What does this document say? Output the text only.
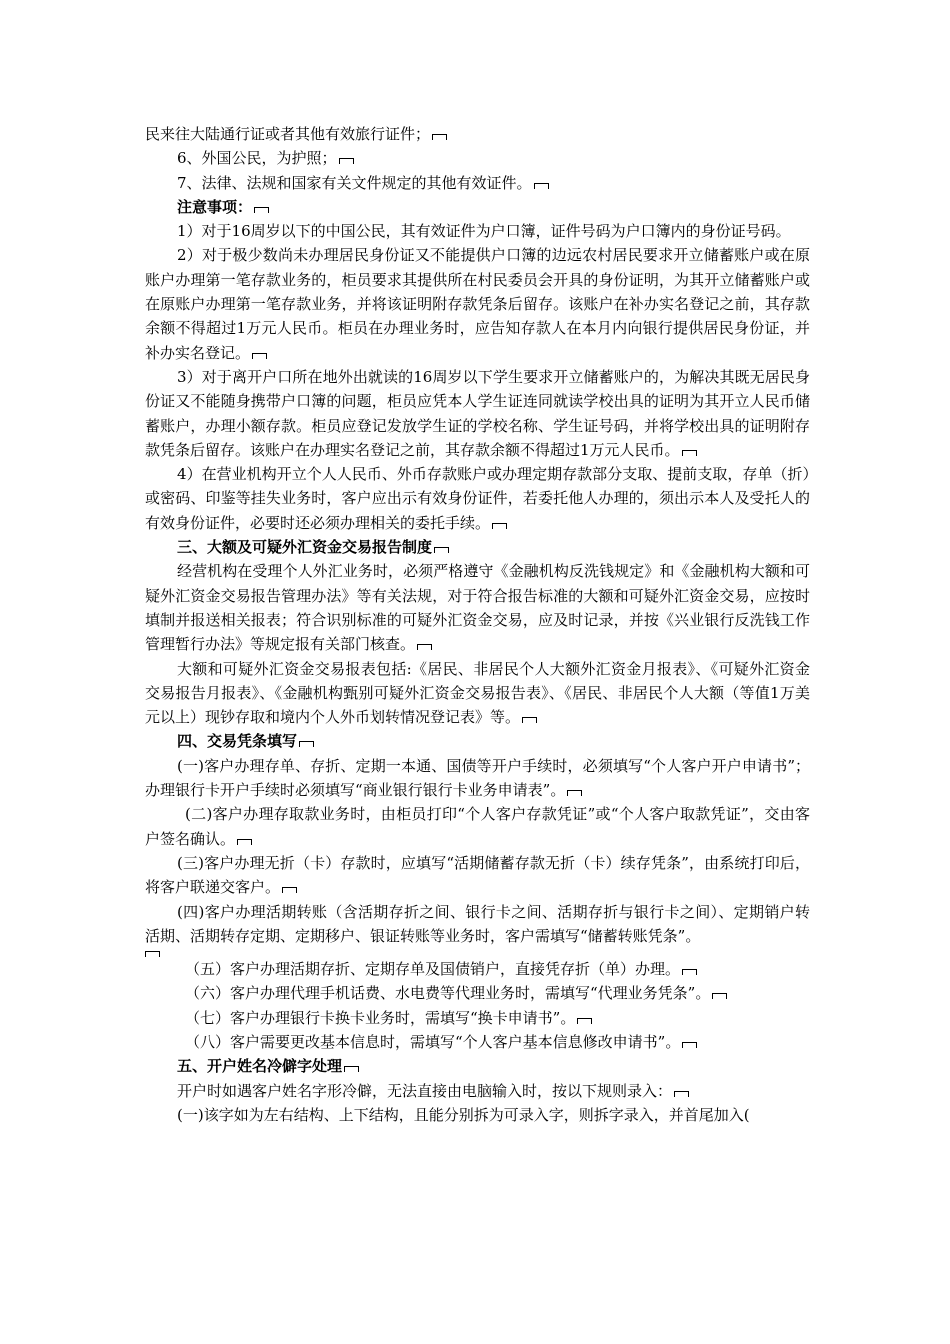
民来往大陆通行证或者其他有效旅行证件；

6、外国公民，为护照；

7、法律、法规和国家有关文件规定的其他有效证件。

注意事项：

1）对于16周岁以下的中国公民，其有效证件为户口簿，证件号码为户口簿内的身份证号码。

2）对于极少数尚未办理居民身份证又不能提供户口簿的边远农村居民要求开立储蓄账户或在原账户办理第一笔存款业务的，柜员要求其提供所在村民委员会开具的身份证明，为其开立储蓄账户或在原账户办理第一笔存款业务，并将该证明附存款凭条后留存。该账户在补办实名登记之前，其存款余额不得超过1万元人民币。柜员在办理业务时，应告知存款人在本月内向银行提供居民身份证，并补办实名登记。

3）对于离开户口所在地外出就读的16周岁以下学生要求开立储蓄账户的，为解决其既无居民身份证又不能随身携带户口簿的问题，柜员应凭本人学生证连同就读学校出具的证明为其开立人民币储蓄账户，办理小额存款。柜员应登记发放学生证的学校名称、学生证号码，并将学校出具的证明附存款凭条后留存。该账户在办理实名登记之前，其存款余额不得超过1万元人民币。

4）在营业机构开立个人人民币、外币存款账户或办理定期存款部分支取、提前支取，存单（折）或密码、印鉴等挂失业务时，客户应出示有效身份证件，若委托他人办理的，须出示本人及受托人的有效身份证件，必要时还必须办理相关的委托手续。

三、大额及可疑外汇资金交易报告制度

经营机构在受理个人外汇业务时，必须严格遵守《金融机构反洗钱规定》和《金融机构大额和可疑外汇资金交易报告管理办法》等有关法规，对于符合报告标准的大额和可疑外汇资金交易，应按时填制并报送相关报表；符合识别标准的可疑外汇资金交易，应及时记录，并按《兴业银行反洗钱工作管理暂行办法》等规定报有关部门核查。

大额和可疑外汇资金交易报表包括:《居民、非居民个人大额外汇资金月报表》、《可疑外汇资金交易报告月报表》、《金融机构甄别可疑外汇资金交易报告表》、《居民、非居民个人大额（等值1万美元以上）现钞存取和境内个人外币划转情况登记表》等。

四、交易凭条填写

(一)客户办理存单、存折、定期一本通、国债等开户手续时，必须填写“个人客户开户申请书”；办理银行卡开户手续时必须填写“商业银行银行卡业务申请表”。

(二)客户办理存取款业务时，由柜员打印“个人客户存款凭证”或“个人客户取款凭证”，交由客户签名确认。

(三)客户办理无折（卡）存款时，应填写“活期储蓄存款无折（卡）续存凭条”，由系统打印后，将客户联递交客户。

(四)客户办理活期转账（含活期存折之间、银行卡之间、活期存折与银行卡之间）、定期销户转活期、活期转存定期、定期移户、银证转账等业务时，客户需填写“储蓄转账凭条”。

（五）客户办理活期存折、定期存单及国债销户，直接凭存折（单）办理。

（六）客户办理代理手机话费、水电费等代理业务时，需填写“代理业务凭条”。

（七）客户办理银行卡换卡业务时，需填写“换卡申请书”。

（八）客户需要更改基本信息时，需填写“个人客户基本信息修改申请书”。

五、开户姓名冷僻字处理

开户时如遇客户姓名字形冷僻，无法直接由电脑输入时，按以下规则录入：

(一)该字如为左右结构、上下结构，且能分别拆为可录入字，则拆字录入，并首尾加入(
